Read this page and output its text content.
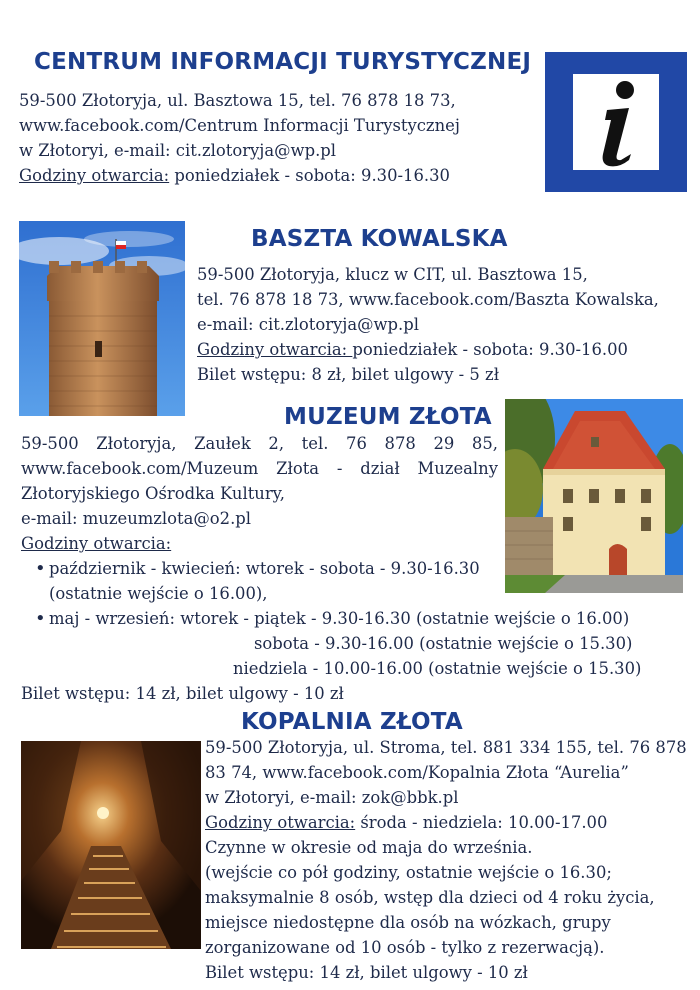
CENTRUM INFORMACJI TURYSTYCZNEJ
59-500 Złotoryja, ul. Basztowa 15, tel. 76 878 18 73,
www.facebook.com/Centrum Informacji Turystycznej
w Złotoryi, e-mail: cit.zlotoryja@wp.pl
Godziny otwarcia: poniedziałek - sobota: 9.30-16.30
BASZTA KOWALSKA
59-500 Złotoryja, klucz w CIT, ul. Basztowa 15,
tel. 76 878 18 73, www.facebook.com/Baszta Kowalska,
e-mail: cit.zlotoryja@wp.pl
Godziny otwarcia: poniedziałek - sobota: 9.30-16.00
Bilet wstępu: 8 zł, bilet ulgowy - 5 zł
MUZEUM ZŁOTA
59-500 Złotoryja, Zaułek 2, tel. 76 878 29 85,
www.facebook.com/Muzeum Złota - dział Muzealny
Złotoryjskiego Ośrodka Kultury,
e-mail: muzeumzlota@o2.pl
Godziny otwarcia:
• październik - kwiecień: wtorek - sobota - 9.30-16.30
(ostatnie wejście o 16.00),
• maj - wrzesień: wtorek - piątek - 9.30-16.30 (ostatnie wejście o 16.00)
sobota - 9.30-16.00 (ostatnie wejście o 15.30)
niedziela - 10.00-16.00 (ostatnie wejście o 15.30)
Bilet wstępu: 14 zł, bilet ulgowy - 10 zł
KOPALNIA ZŁOTA
59-500 Złotoryja, ul. Stroma, tel. 881 334 155, tel. 76 878
83 74, www.facebook.com/Kopalnia Złota “Aurelia”
w Złotoryi, e-mail: zok@bbk.pl
Godziny otwarcia: środa - niedziela: 10.00-17.00
Czynne w okresie od maja do września.
(wejście co pół godziny, ostatnie wejście o 16.30;
maksymalnie 8 osób, wstęp dla dzieci od 4 roku życia,
miejsce niedostępne dla osób na wózkach, grupy
zorganizowane od 10 osób - tylko z rezerwacją).
Bilet wstępu: 14 zł, bilet ulgowy - 10 zł
